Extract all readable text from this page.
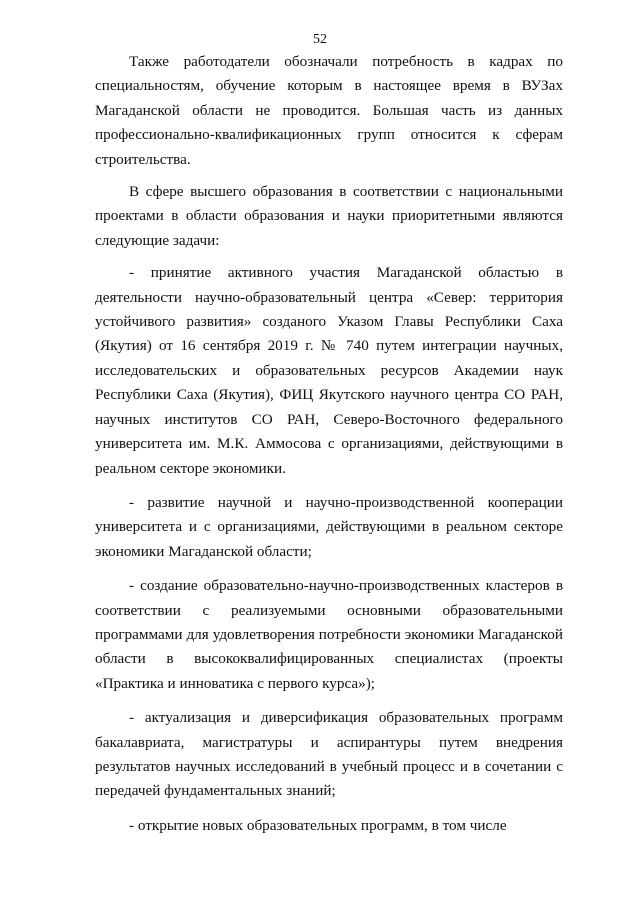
52

Также работодатели обозначали потребность в кадрах по специальностям, обучение которым в настоящее время в ВУЗах Магаданской области не проводится. Большая часть из данных профессионально-квалификационных групп относится к сферам строительства.

В сфере высшего образования в соответствии с национальными проектами в области образования и науки приоритетными являются следующие задачи:

- принятие активного участия Магаданской областью в деятельности научно-образовательный центра «Север: территория устойчивого развития» созданого Указом Главы Республики Саха (Якутия) от 16 сентября 2019 г. № 740 путем интеграции научных, исследовательских и образовательных ресурсов Академии наук Республики Саха (Якутия), ФИЦ Якутского научного центра СО РАН, научных институтов СО РАН, Северо-Восточного федерального университета им. М.К. Аммосова с организациями, действующими в реальном секторе экономики.

- развитие научной и научно-производственной кооперации университета и с организациями, действующими в реальном секторе экономики Магаданской области;

- создание образовательно-научно-производственных кластеров в соответствии с реализуемыми основными образовательными программами для удовлетворения потребности экономики Магаданской области в высококвалифицированных специалистах (проекты «Практика и инноватика с первого курса»);

- актуализация и диверсификация образовательных программ бакалавриата, магистратуры и аспирантуры путем внедрения результатов научных исследований в учебный процесс и в сочетании с передачей фундаментальных знаний;

- открытие новых образовательных программ, в том числе
